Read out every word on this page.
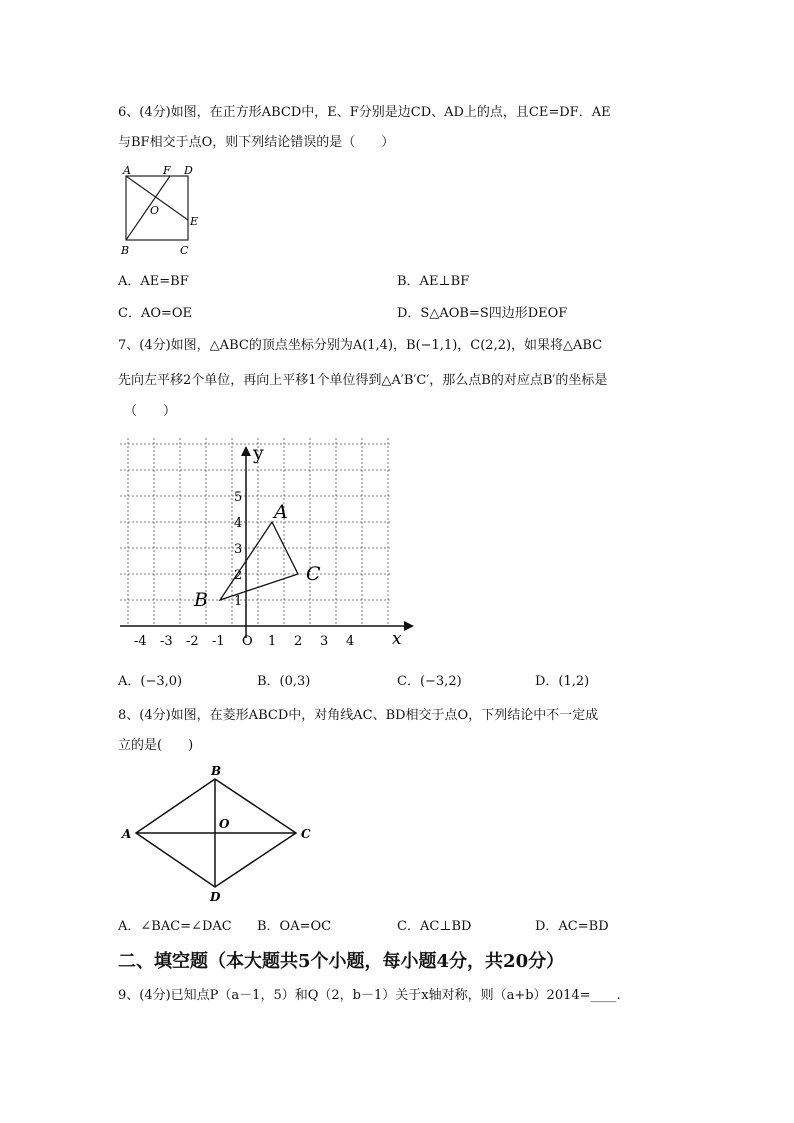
6、(4分)如图，在正方形ABCD中，E、F分别是边CD、AD上的点，且CE=DF．AE
与BF相交于点O，则下列结论错误的是（　　）
A	F D
O
E
B	C
A．AE=BF	B．AE⊥BF
C．AO=OE	D．S△AOB=S四边形DEOF
7、(4分)如图，△ABC的顶点坐标分别为A(1,4)，B(−1,1)，C(2,2)，如果将△ABC
先向左平移2个单位，再向上平移1个单位得到△A′B′C′，那么点B的对应点B′的坐标是
（　　）
x
y
-4 -3 -2 -1 O 1 2 3 4
1
2
3
4
5
A
B
C
A．(−3,0)	B．(0,3)	C．(−3,2)	D．(1,2)
8、(4分)如图，在菱形ABCD中，对角线AC、BD相交于点O，下列结论中不一定成
立的是(　　)
A
B
C
D
O
A．∠BAC=∠DAC B．OA=OC	C．AC⊥BD	D．AC=BD
二、填空题（本大题共5个小题，每小题4分，共20分）
9、(4分)已知点P（a－1，5）和Q（2，b－1）关于x轴对称，则（a+b）2014=____.
